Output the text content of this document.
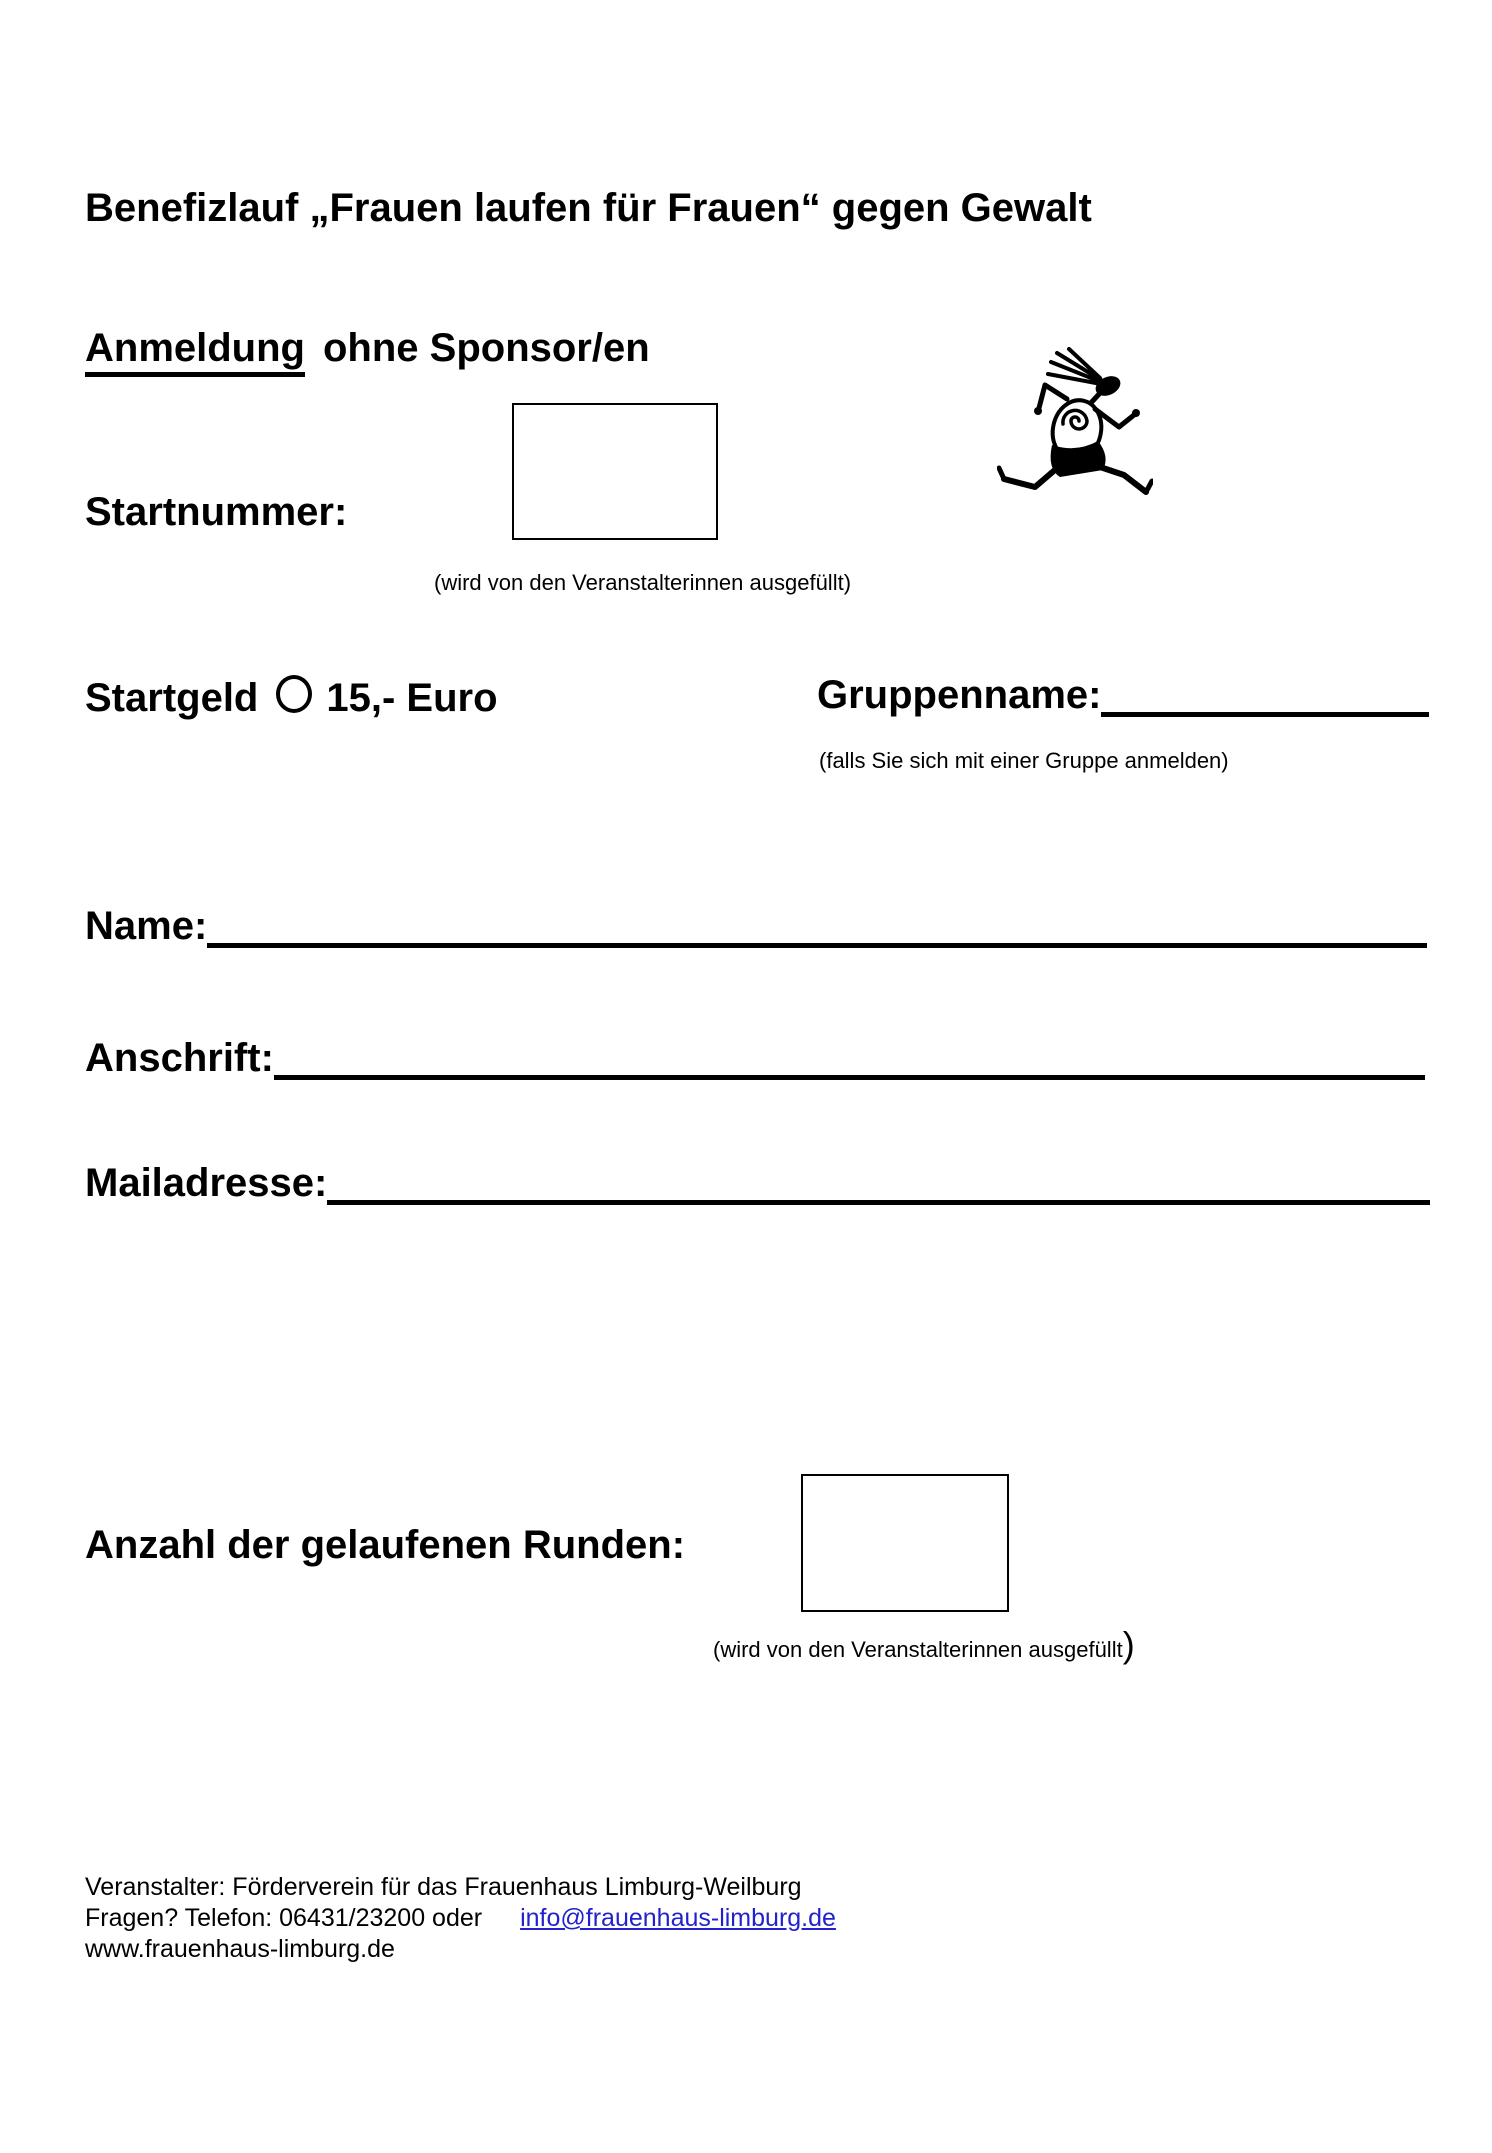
Benefizlauf „Frauen laufen für Frauen“ gegen Gewalt
Anmeldung ohne Sponsor/en
Startnummer:
(wird von den Veranstalterinnen ausgefüllt)
Startgeld 15,- Euro	Gruppenname:
(falls Sie sich mit einer Gruppe anmelden)
Name:
Anschrift:
Mailadresse:
Anzahl der gelaufenen Runden:
(wird von den Veranstalterinnen ausgefüllt)
Veranstalter: Förderverein für das Frauenhaus Limburg-Weilburg
Fragen? Telefon: 06431/23200 oder info@frauenhaus-limburg.de
www.frauenhaus-limburg.de
